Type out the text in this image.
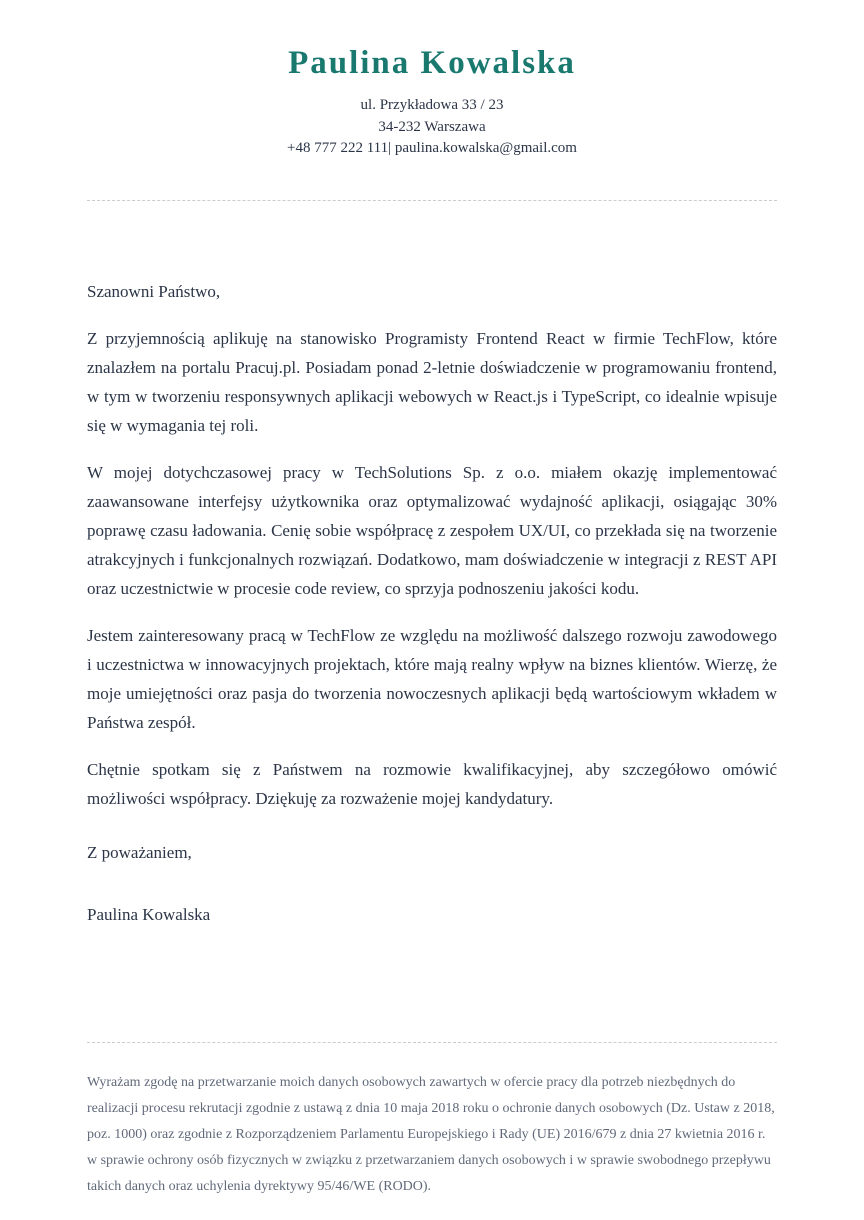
Paulina Kowalska
ul. Przykładowa 33 / 23
34-232 Warszawa
+48 777 222 111| paulina.kowalska@gmail.com

Szanowni Państwo,

Z przyjemnością aplikuję na stanowisko Programisty Frontend React w firmie TechFlow, które znalazłem na portalu Pracuj.pl. Posiadam ponad 2-letnie doświadczenie w programowaniu frontend, w tym w tworzeniu responsywnych aplikacji webowych w React.js i TypeScript, co idealnie wpisuje się w wymagania tej roli.

W mojej dotychczasowej pracy w TechSolutions Sp. z o.o. miałem okazję implementować zaawansowane interfejsy użytkownika oraz optymalizować wydajność aplikacji, osiągając 30% poprawę czasu ładowania. Cenię sobie współpracę z zespołem UX/UI, co przekłada się na tworzenie atrakcyjnych i funkcjonalnych rozwiązań. Dodatkowo, mam doświadczenie w integracji z REST API oraz uczestnictwie w procesie code review, co sprzyja podnoszeniu jakości kodu.

Jestem zainteresowany pracą w TechFlow ze względu na możliwość dalszego rozwoju zawodowego i uczestnictwa w innowacyjnych projektach, które mają realny wpływ na biznes klientów. Wierzę, że moje umiejętności oraz pasja do tworzenia nowoczesnych aplikacji będą wartościowym wkładem w Państwa zespół.

Chętnie spotkam się z Państwem na rozmowie kwalifikacyjnej, aby szczegółowo omówić możliwości współpracy. Dziękuję za rozważenie mojej kandydatury.

Z poważaniem,

Paulina Kowalska

Wyrażam zgodę na przetwarzanie moich danych osobowych zawartych w ofercie pracy dla potrzeb niezbędnych do realizacji procesu rekrutacji zgodnie z ustawą z dnia 10 maja 2018 roku o ochronie danych osobowych (Dz. Ustaw z 2018, poz. 1000) oraz zgodnie z Rozporządzeniem Parlamentu Europejskiego i Rady (UE) 2016/679 z dnia 27 kwietnia 2016 r. w sprawie ochrony osób fizycznych w związku z przetwarzaniem danych osobowych i w sprawie swobodnego przepływu takich danych oraz uchylenia dyrektywy 95/46/WE (RODO).
